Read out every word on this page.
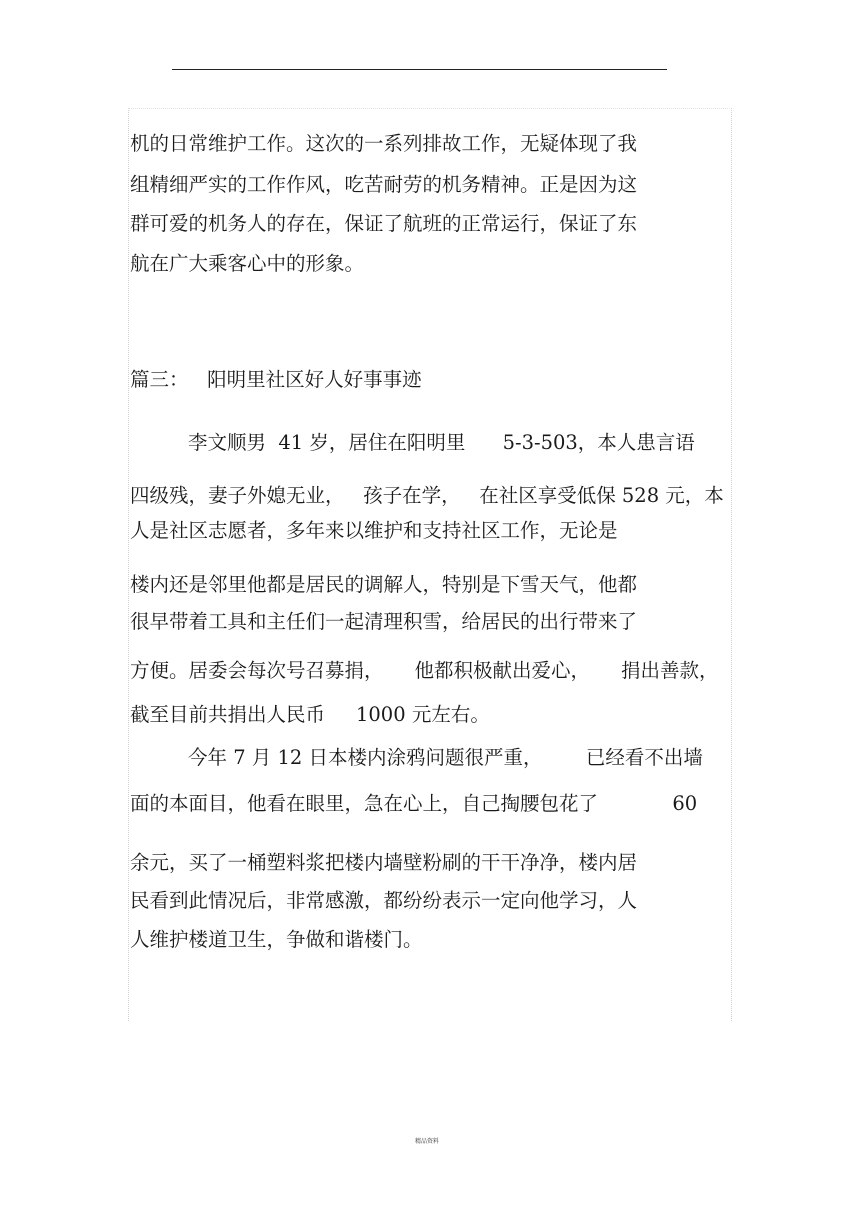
机的日常维护工作。这次的一系列排故工作，无疑体现了我
组精细严实的工作作风，吃苦耐劳的机务精神。正是因为这
群可爱的机务人的存在，保证了航班的正常运行，保证了东
航在广大乘客心中的形象。
篇三：   阳明里社区好人好事事迹
李文顺男  41 岁，居住在阳明里      5-3-503，本人患言语
四级残，妻子外媳无业，   孩子在学，   在社区享受低保 528 元，本
人是社区志愿者，多年来以维护和支持社区工作，无论是
楼内还是邻里他都是居民的调解人，特别是下雪天气，他都
很早带着工具和主任们一起清理积雪，给居民的出行带来了
方便。居委会每次号召募捐，     他都积极献出爱心，     捐出善款，
截至目前共捐出人民币     1000 元左右。
今年 7 月 12 日本楼内涂鸦问题很严重，       已经看不出墙
面的本面目，他看在眼里，急在心上，自己掏腰包花了            60
余元，买了一桶塑料浆把楼内墙壁粉刷的干干净净，楼内居
民看到此情况后，非常感激，都纷纷表示一定向他学习，人
人维护楼道卫生，争做和谐楼门。
精品资料
